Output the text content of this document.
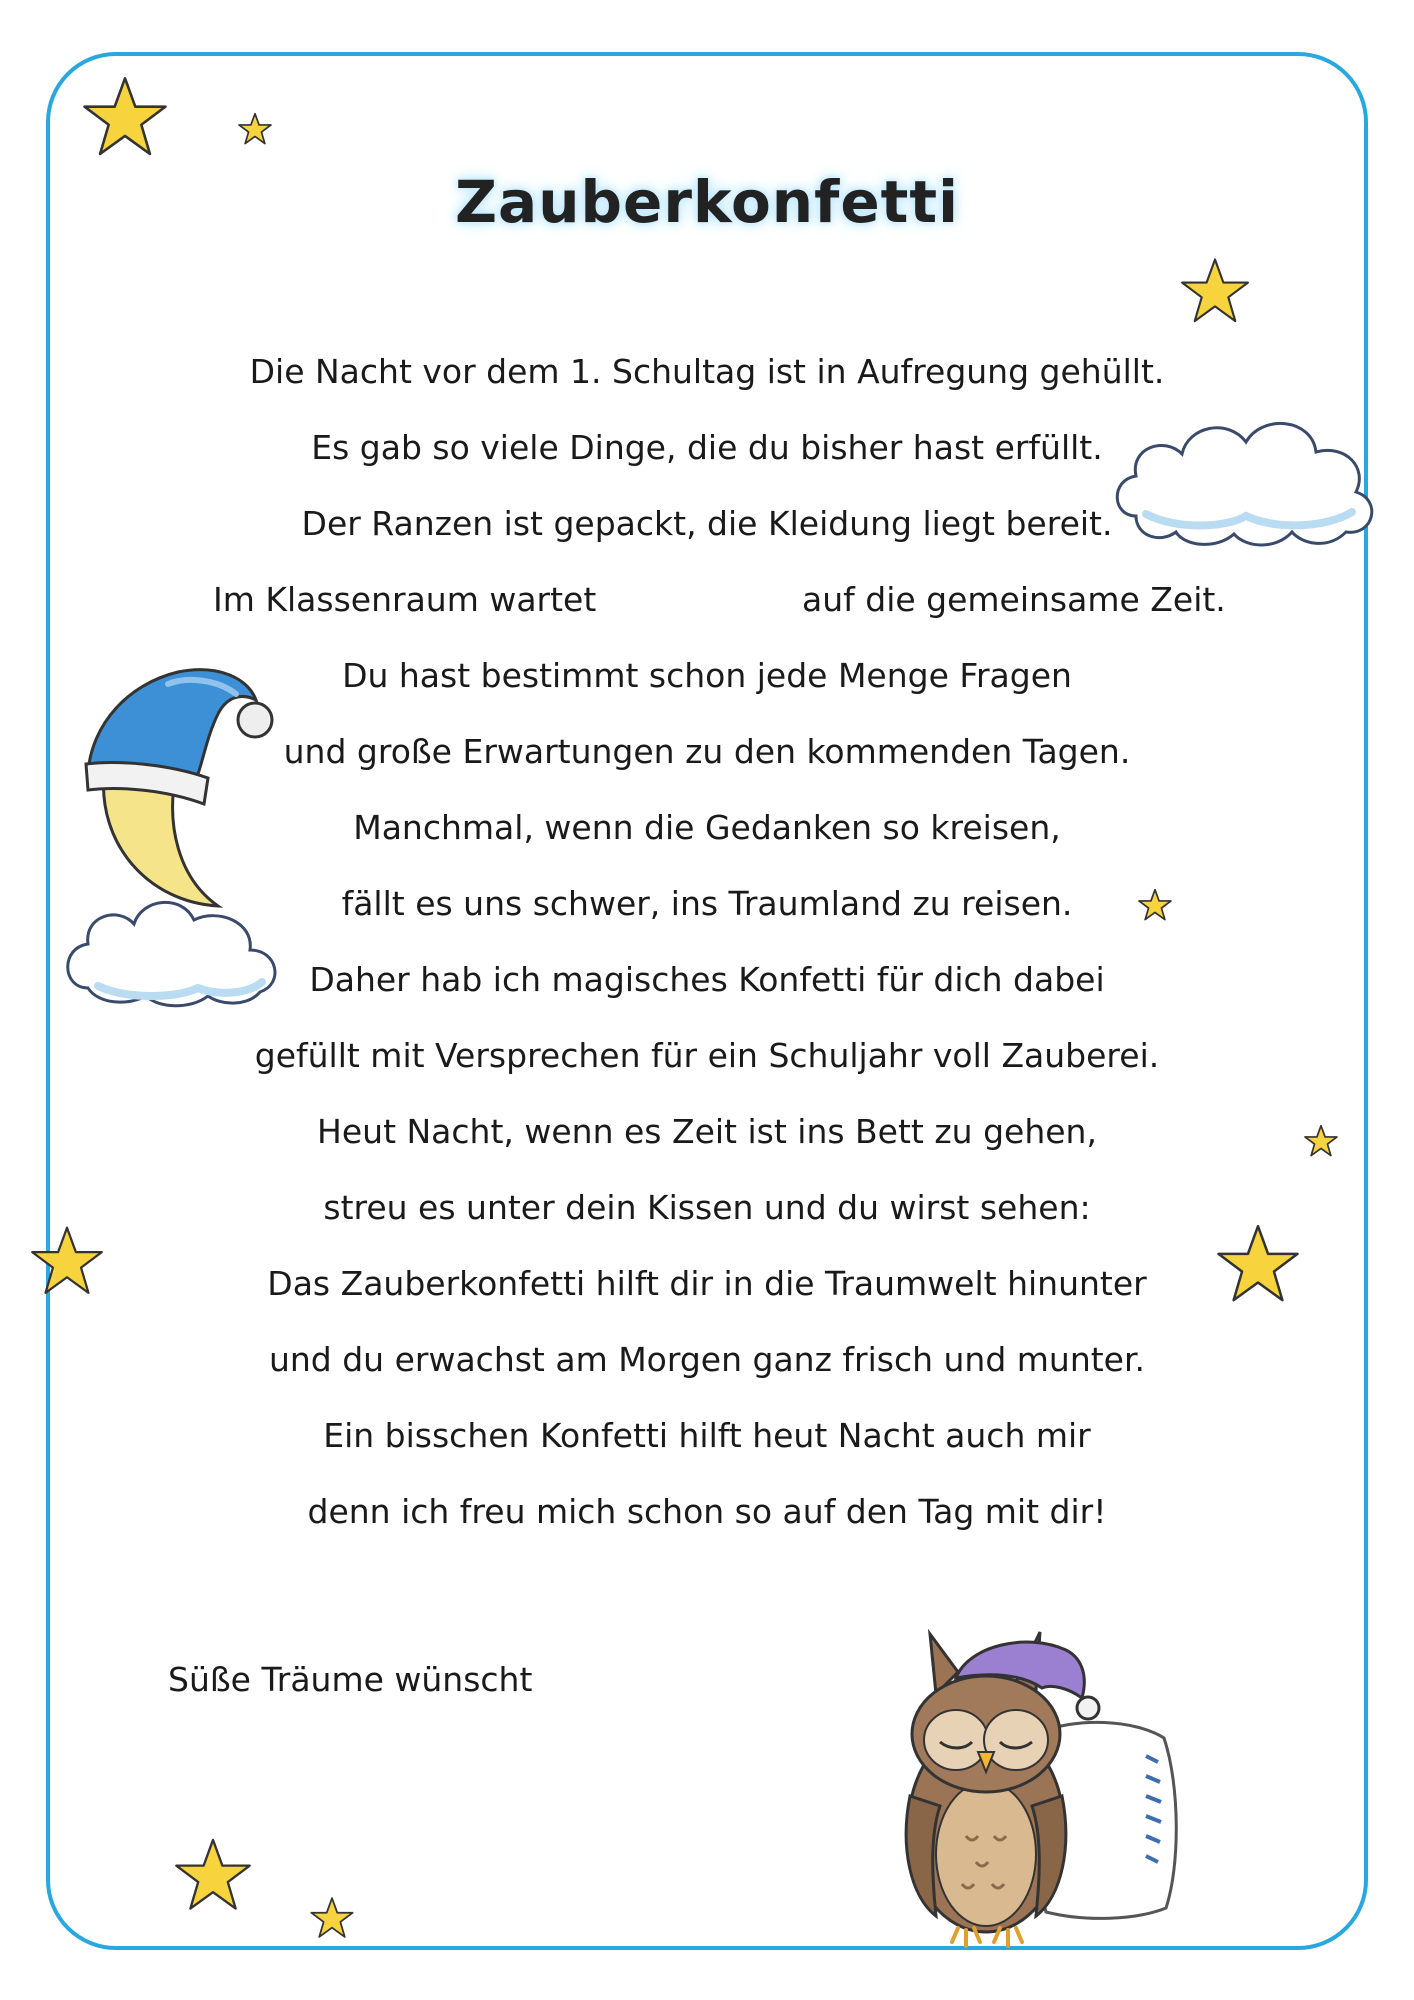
Zauberkonfetti
Die Nacht vor dem 1. Schultag ist in Aufregung gehüllt.
Es gab so viele Dinge, die du bisher hast erfüllt.
Der Ranzen ist gepackt, die Kleidung liegt bereit.
Im Klassenraum wartet	auf die gemeinsame Zeit.
Du hast bestimmt schon jede Menge Fragen
und große Erwartungen zu den kommenden Tagen.
Manchmal, wenn die Gedanken so kreisen,
fällt es uns schwer, ins Traumland zu reisen.
Daher hab ich magisches Konfetti für dich dabei
gefüllt mit Versprechen für ein Schuljahr voll Zauberei.
Heut Nacht, wenn es Zeit ist ins Bett zu gehen,
streu es unter dein Kissen und du wirst sehen:
Das Zauberkonfetti hilft dir in die Traumwelt hinunter
und du erwachst am Morgen ganz frisch und munter.
Ein bisschen Konfetti hilft heut Nacht auch mir
denn ich freu mich schon so auf den Tag mit dir!
Süße Träume wünscht
